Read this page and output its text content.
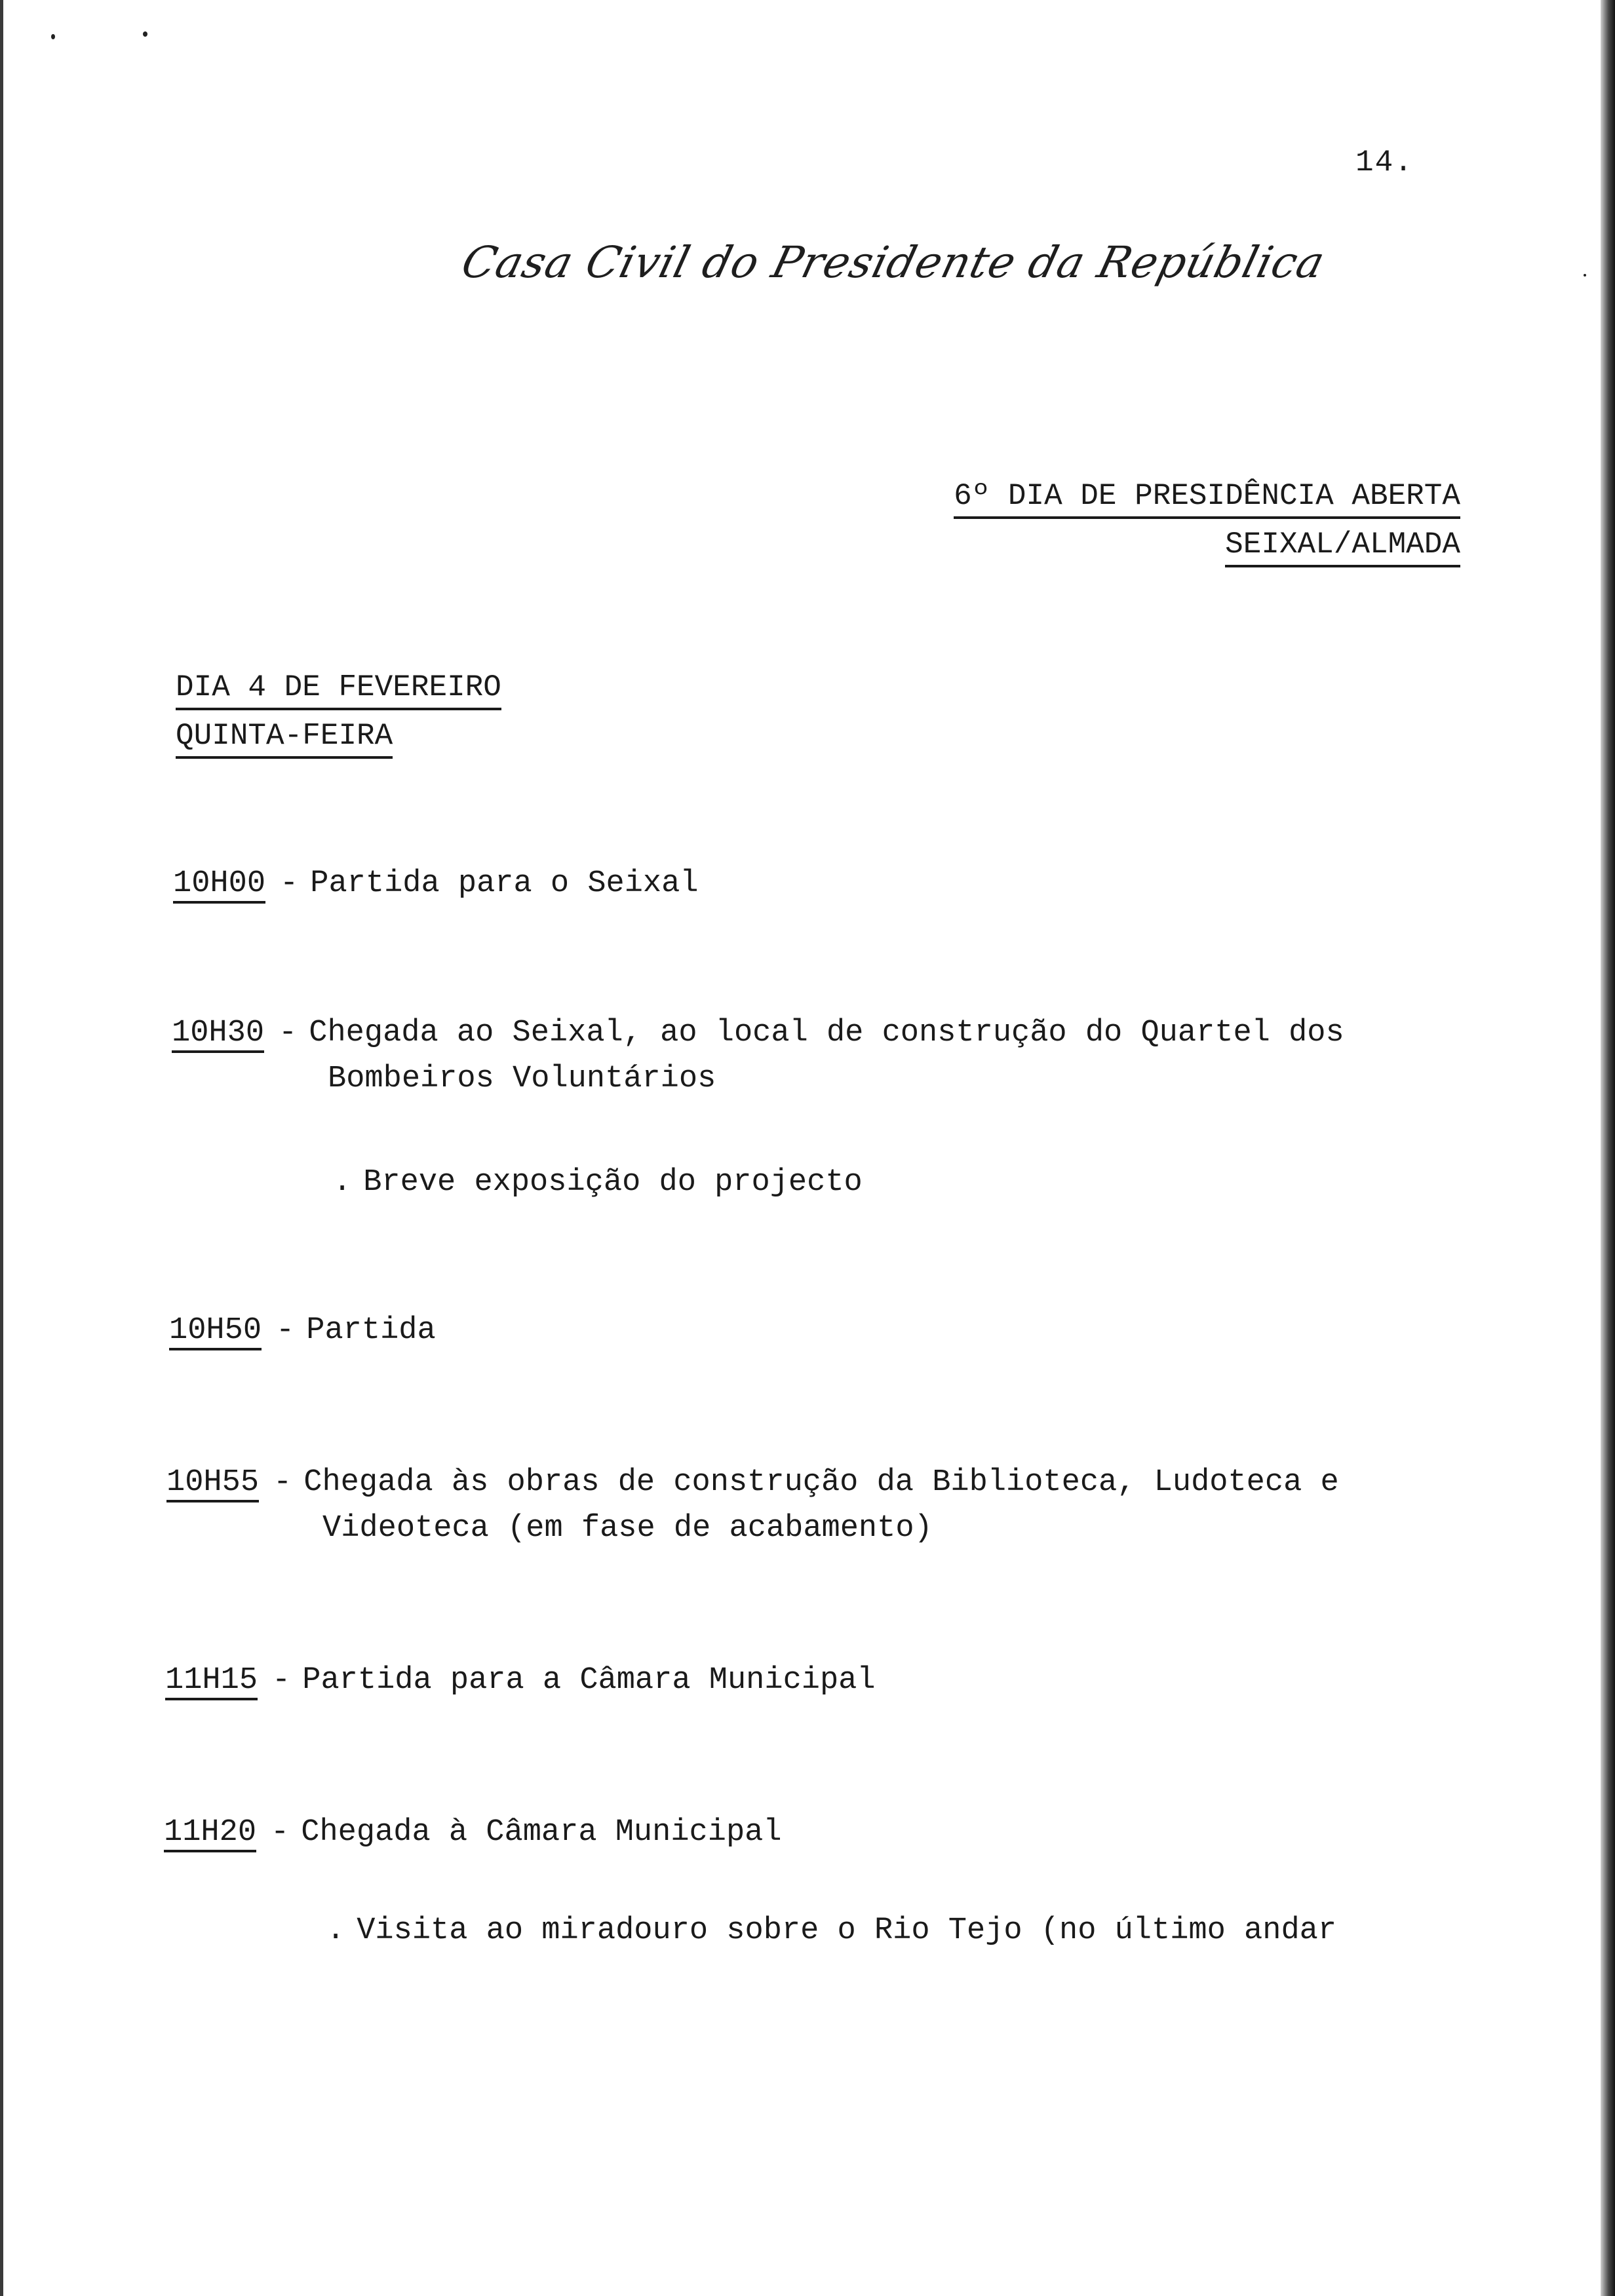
14.
Casa Civil do Presidente da República
6º DIA DE PRESIDÊNCIA ABERTA
SEIXAL/ALMADA
DIA 4 DE FEVEREIRO
QUINTA-FEIRA
10H00 - Partida para o Seixal
10H30 - Chegada ao Seixal, ao local de construção do Quartel dos
Bombeiros Voluntários
. Breve exposição do projecto
10H50 - Partida
10H55 - Chegada às obras de construção da Biblioteca, Ludoteca e
Videoteca (em fase de acabamento)
11H15 - Partida para a Câmara Municipal
11H20 - Chegada à Câmara Municipal
. Visita ao miradouro sobre o Rio Tejo (no último andar
